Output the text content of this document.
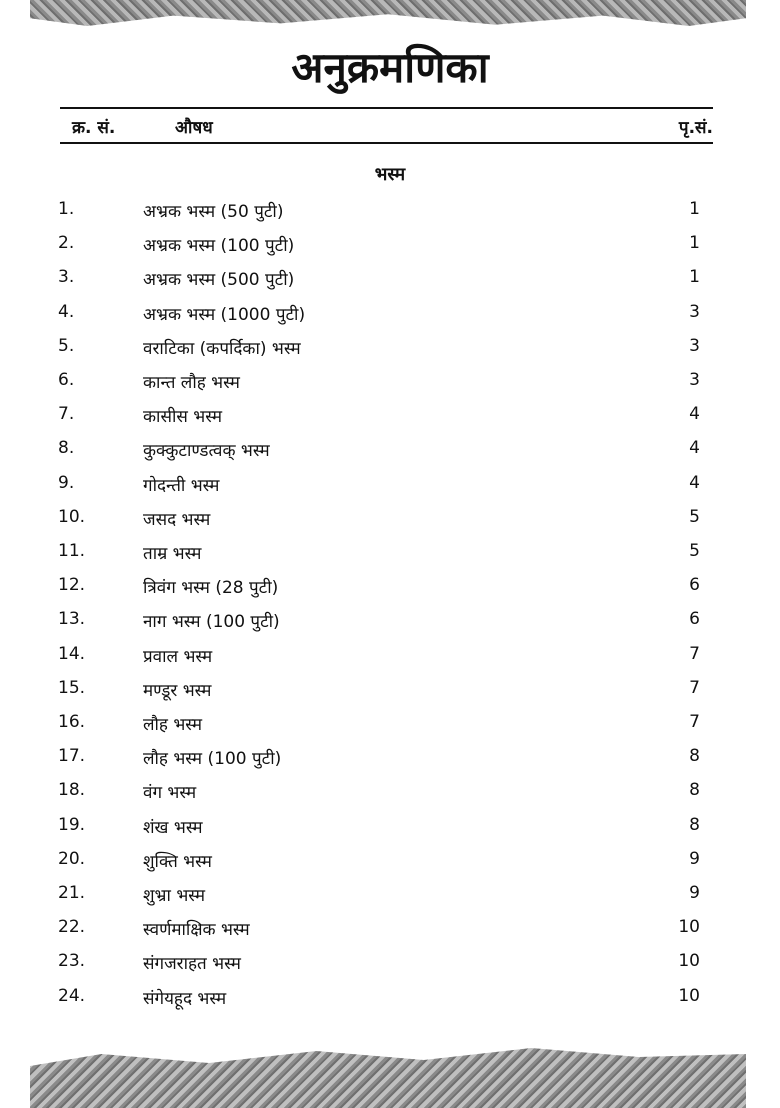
अनुक्रमणिका
क्र. सं.	औषध	पृ.सं.
भस्म
1.	अभ्रक भस्म (50 पुटी)	1
2.	अभ्रक भस्म (100 पुटी)	1
3.	अभ्रक भस्म (500 पुटी)	1
4.	अभ्रक भस्म (1000 पुटी)	3
5.	वराटिका (कपर्दिका) भस्म	3
6.	कान्त लौह भस्म	3
7.	कासीस भस्म	4
8.	कुक्कुटाण्डत्वक् भस्म	4
9.	गोदन्ती भस्म	4
10.	जसद भस्म	5
11.	ताम्र भस्म	5
12.	त्रिवंग भस्म (28 पुटी)	6
13.	नाग भस्म (100 पुटी)	6
14.	प्रवाल भस्म	7
15.	मण्डूर भस्म	7
16.	लौह भस्म	7
17.	लौह भस्म (100 पुटी)	8
18.	वंग भस्म	8
19.	शंख भस्म	8
20.	शुक्ति भस्म	9
21.	शुभ्रा भस्म	9
22.	स्वर्णमाक्षिक भस्म	10
23.	संगजराहत भस्म	10
24.	संगेयहूद भस्म	10
